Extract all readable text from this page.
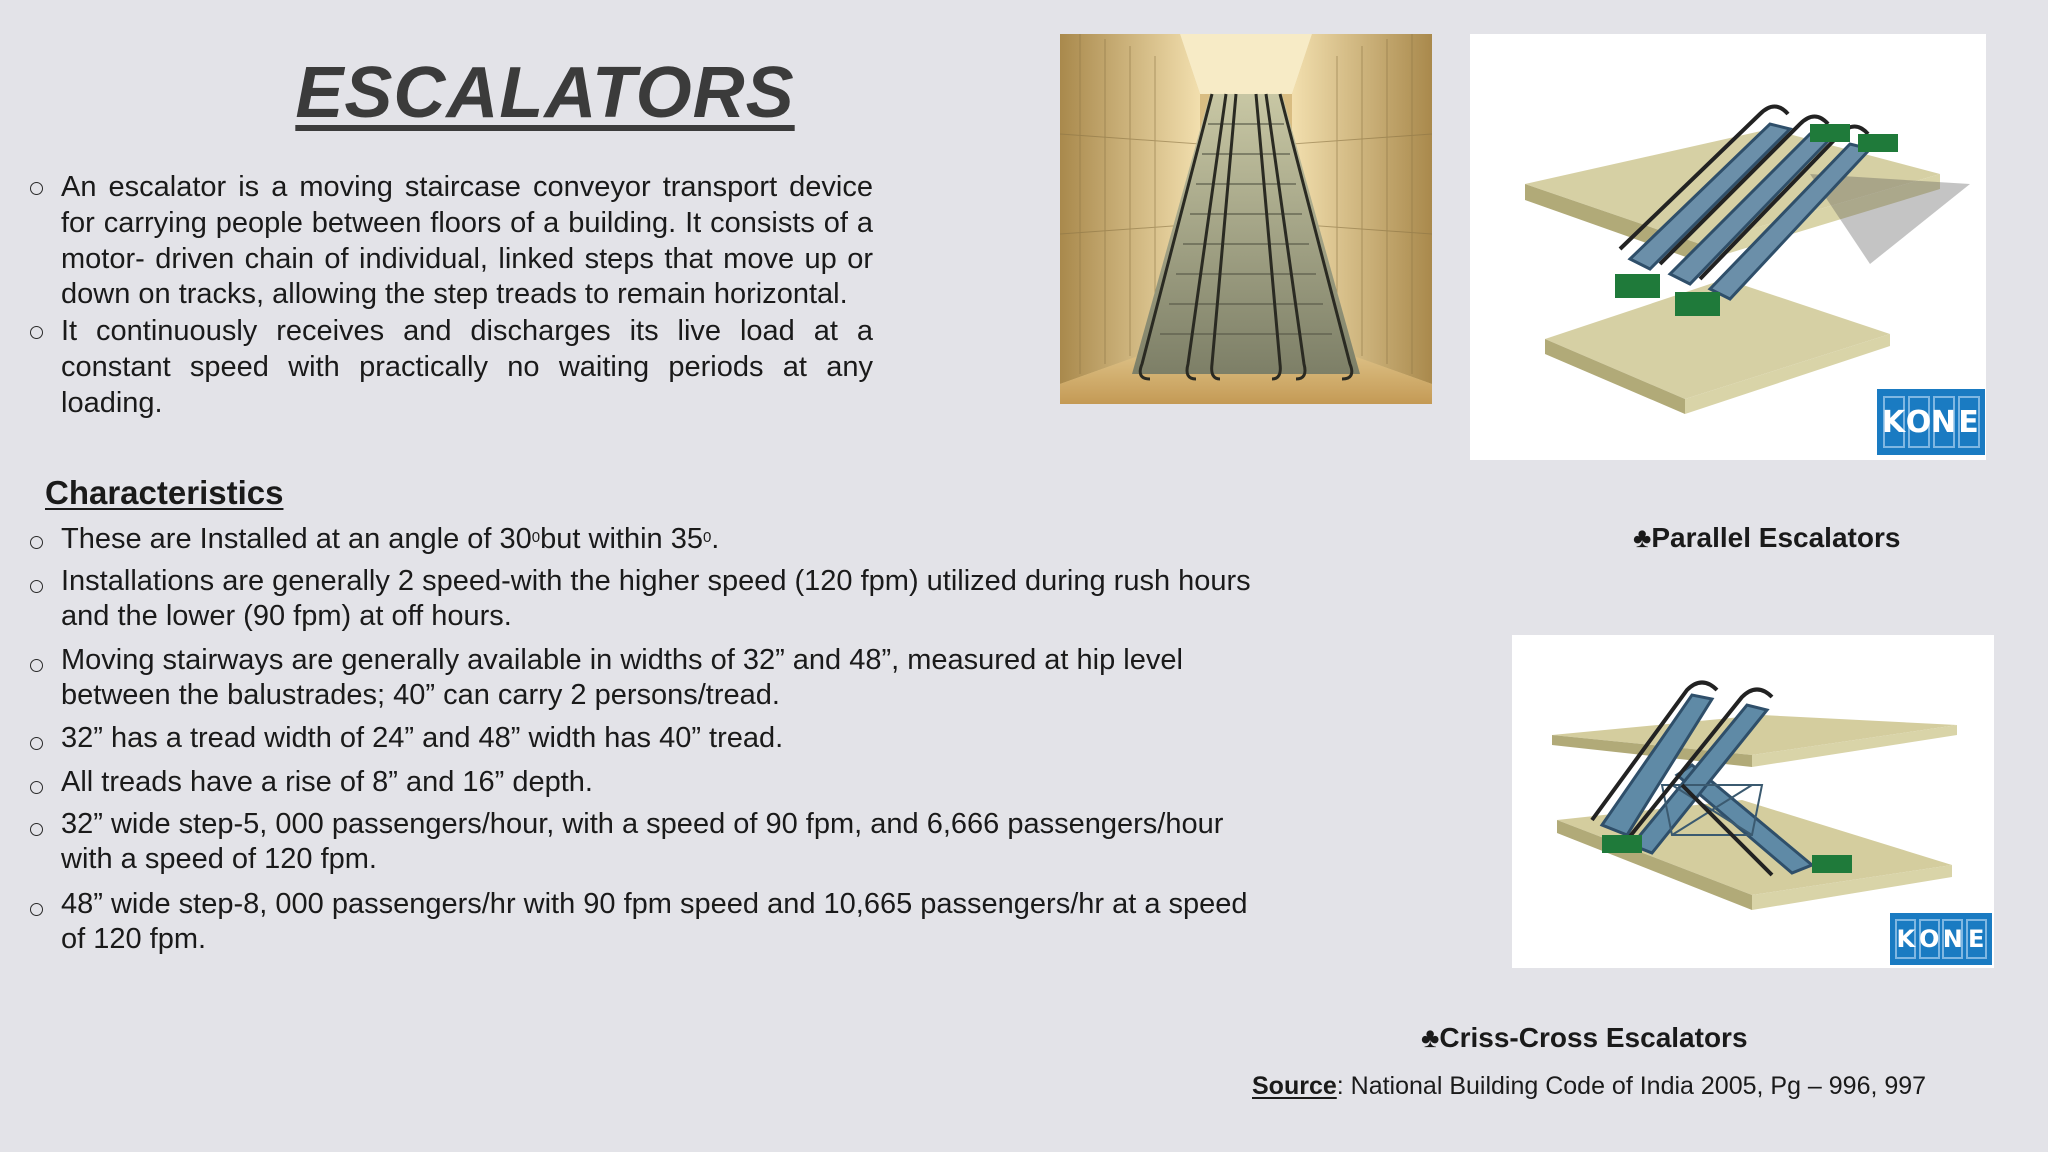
ESCALATORS
An escalator is a moving staircase conveyor transport device for carrying people between floors of a building. It consists of a motor- driven chain of individual, linked steps that move up or down on tracks, allowing the step treads to remain horizontal.
It continuously receives and discharges its live load at a constant speed with practically no waiting periods at any loading.
Characteristics
These are Installed at an angle of $30^0but$ within $35^0$.
Installations are generally 2 speed-with the higher speed (120 fpm) utilized during rush hours and the lower (90 fpm) at off hours.
Moving stairways are generally available in widths of 32” and 48”, measured at hip level between the balustrades; 40” can carry 2 persons/tread.
32” has a tread width of 24” and 48” width has 40” tread.
All treads have a rise of 8” and 16” depth.
32” wide step-5, 000 passengers/hour, with a speed of 90 fpm, and 6,666 passengers/hour with a speed of 120 fpm.
48” wide step-8, 000 passengers/hr with 90 fpm speed and 10,665 passengers/hr at a speed of 120 fpm.
K O N E
♣Parallel Escalators
K O N E
♣Criss-Cross Escalators
Source: National Building Code of India 2005, Pg – 996, 997
